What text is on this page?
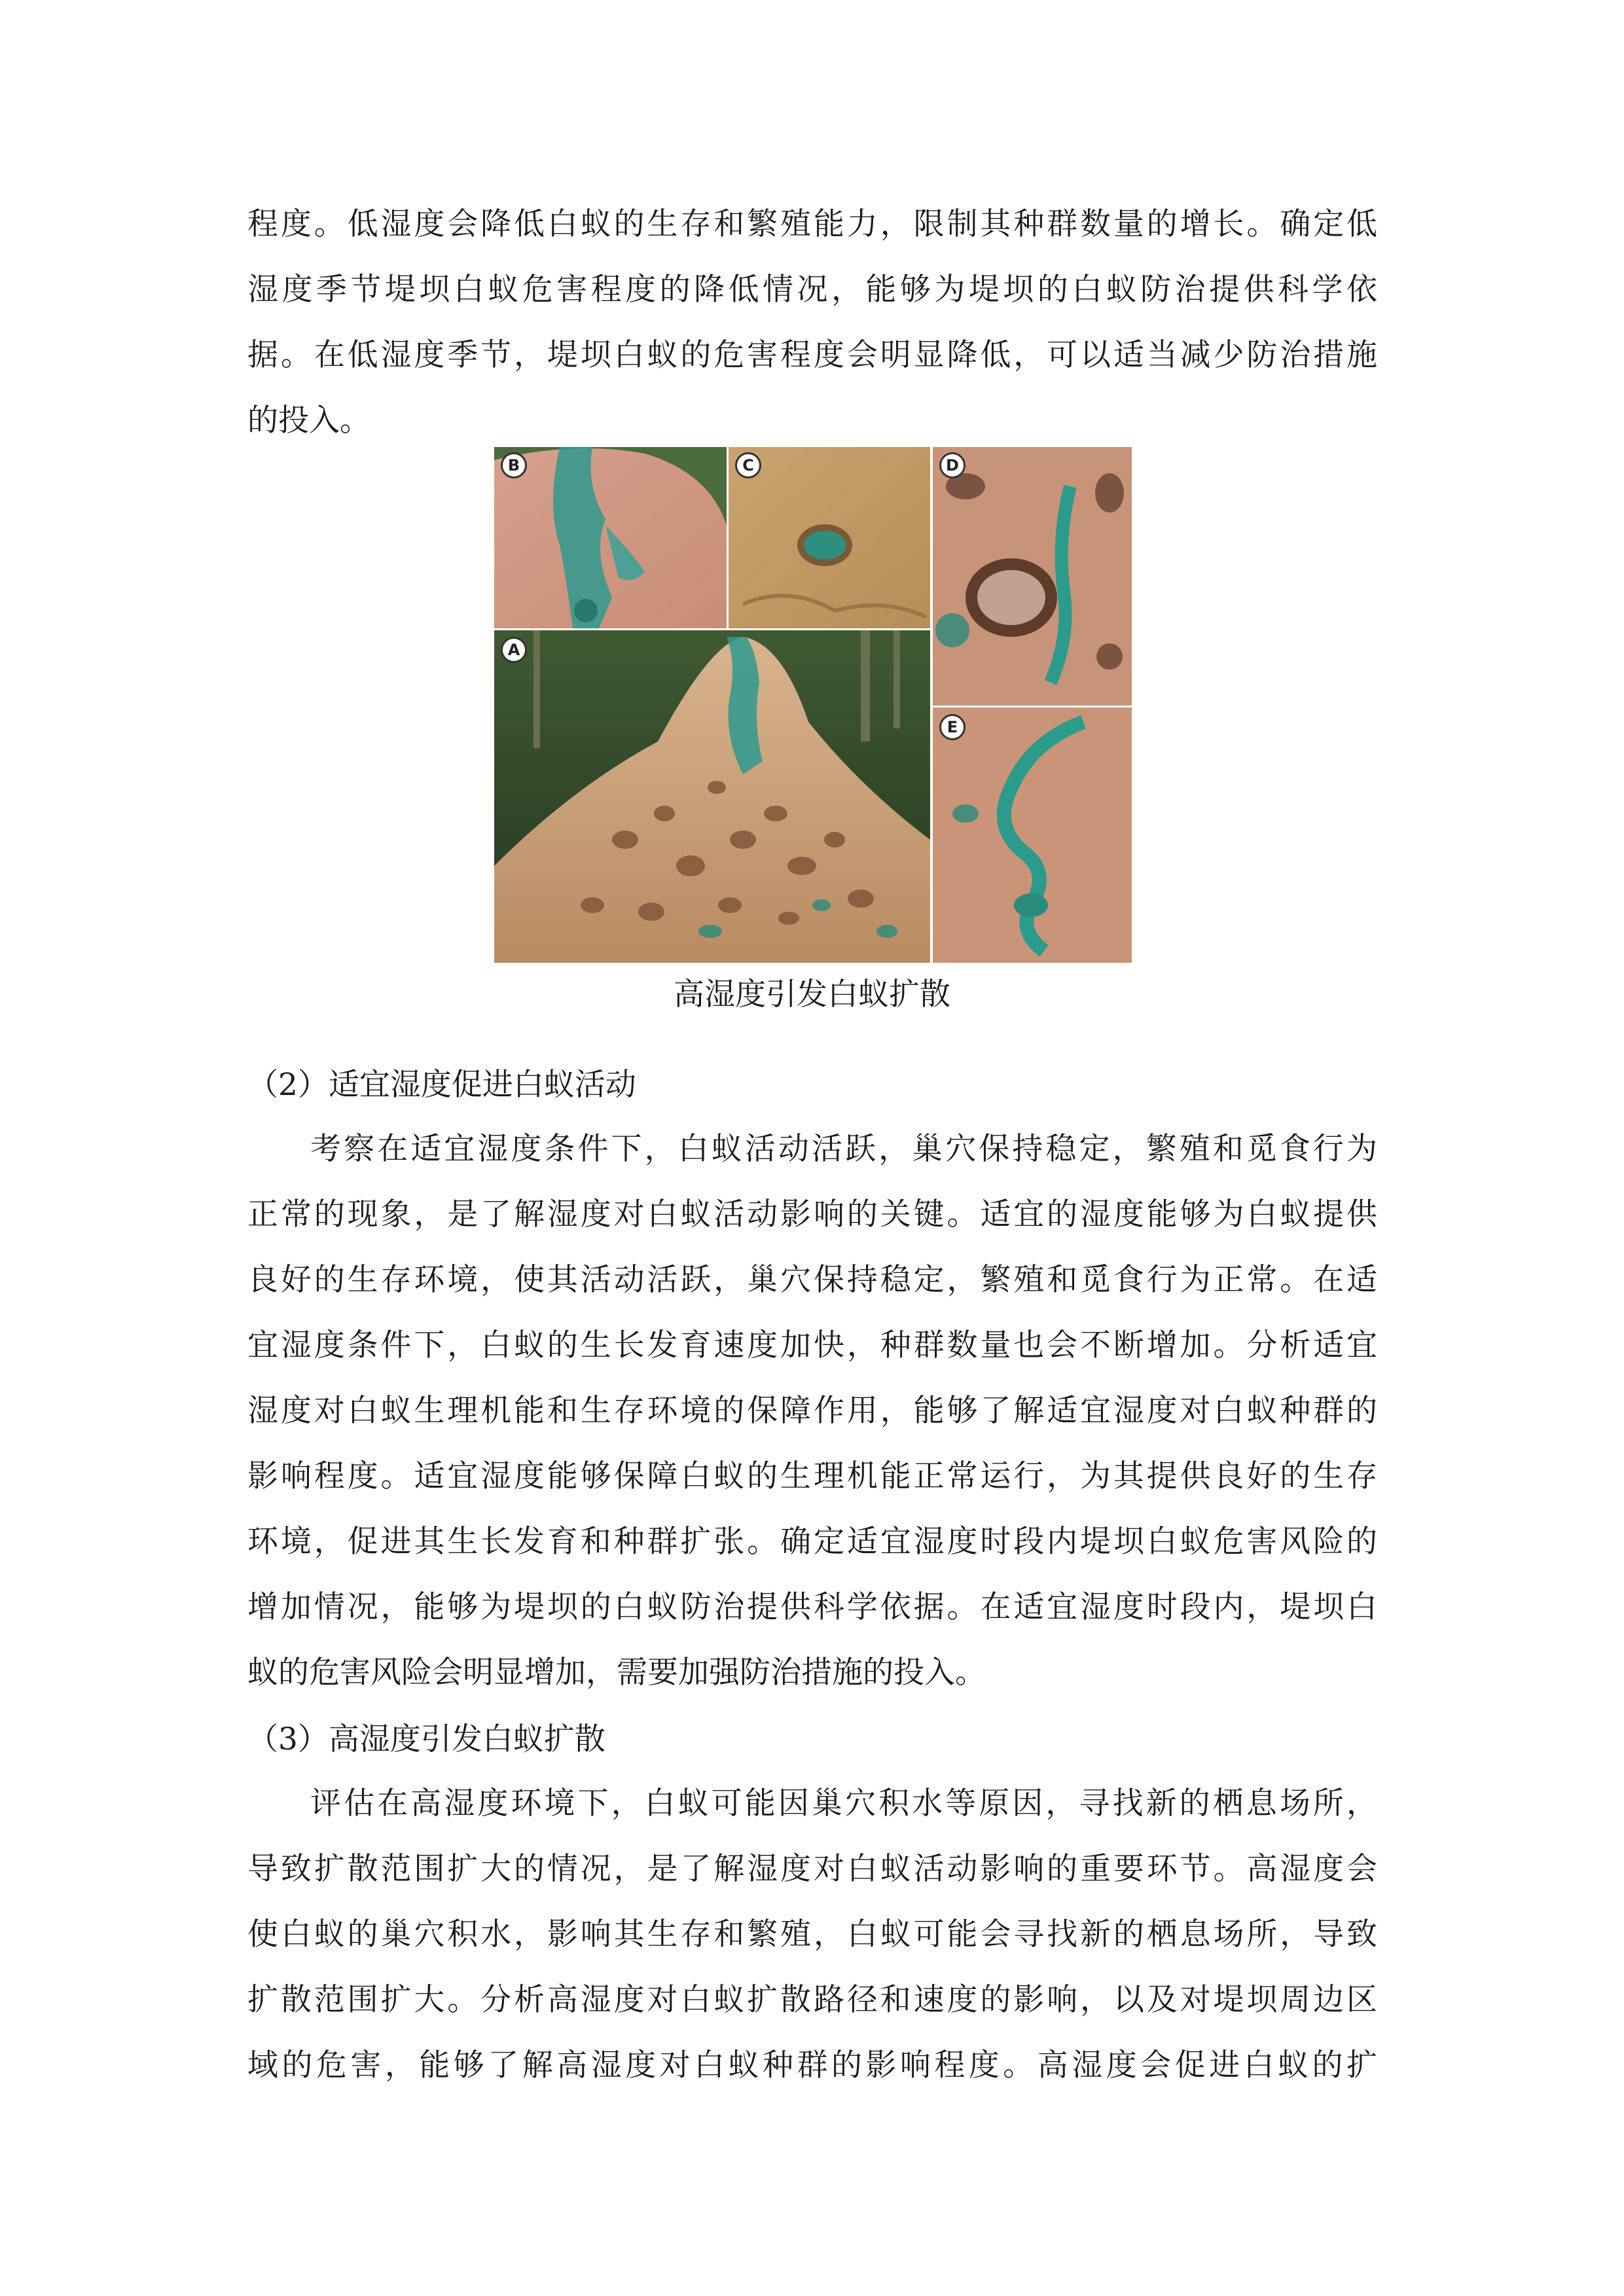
程度。低湿度会降低白蚁的生存和繁殖能力，限制其种群数量的增长。确定低
湿度季节堤坝白蚁危害程度的降低情况，能够为堤坝的白蚁防治提供科学依
据。在低湿度季节，堤坝白蚁的危害程度会明显降低，可以适当减少防治措施
的投入。
B	C	D
A
E
高湿度引发白蚁扩散
（2）适宜湿度促进白蚁活动
考察在适宜湿度条件下，白蚁活动活跃，巢穴保持稳定，繁殖和觅食行为
正常的现象，是了解湿度对白蚁活动影响的关键。适宜的湿度能够为白蚁提供
良好的生存环境，使其活动活跃，巢穴保持稳定，繁殖和觅食行为正常。在适
宜湿度条件下，白蚁的生长发育速度加快，种群数量也会不断增加。分析适宜
湿度对白蚁生理机能和生存环境的保障作用，能够了解适宜湿度对白蚁种群的
影响程度。适宜湿度能够保障白蚁的生理机能正常运行，为其提供良好的生存
环境，促进其生长发育和种群扩张。确定适宜湿度时段内堤坝白蚁危害风险的
增加情况，能够为堤坝的白蚁防治提供科学依据。在适宜湿度时段内，堤坝白
蚁的危害风险会明显增加，需要加强防治措施的投入。
（3）高湿度引发白蚁扩散
评估在高湿度环境下，白蚁可能因巢穴积水等原因，寻找新的栖息场所，
导致扩散范围扩大的情况，是了解湿度对白蚁活动影响的重要环节。高湿度会
使白蚁的巢穴积水，影响其生存和繁殖，白蚁可能会寻找新的栖息场所，导致
扩散范围扩大。分析高湿度对白蚁扩散路径和速度的影响，以及对堤坝周边区
域的危害，能够了解高湿度对白蚁种群的影响程度。高湿度会促进白蚁的扩
